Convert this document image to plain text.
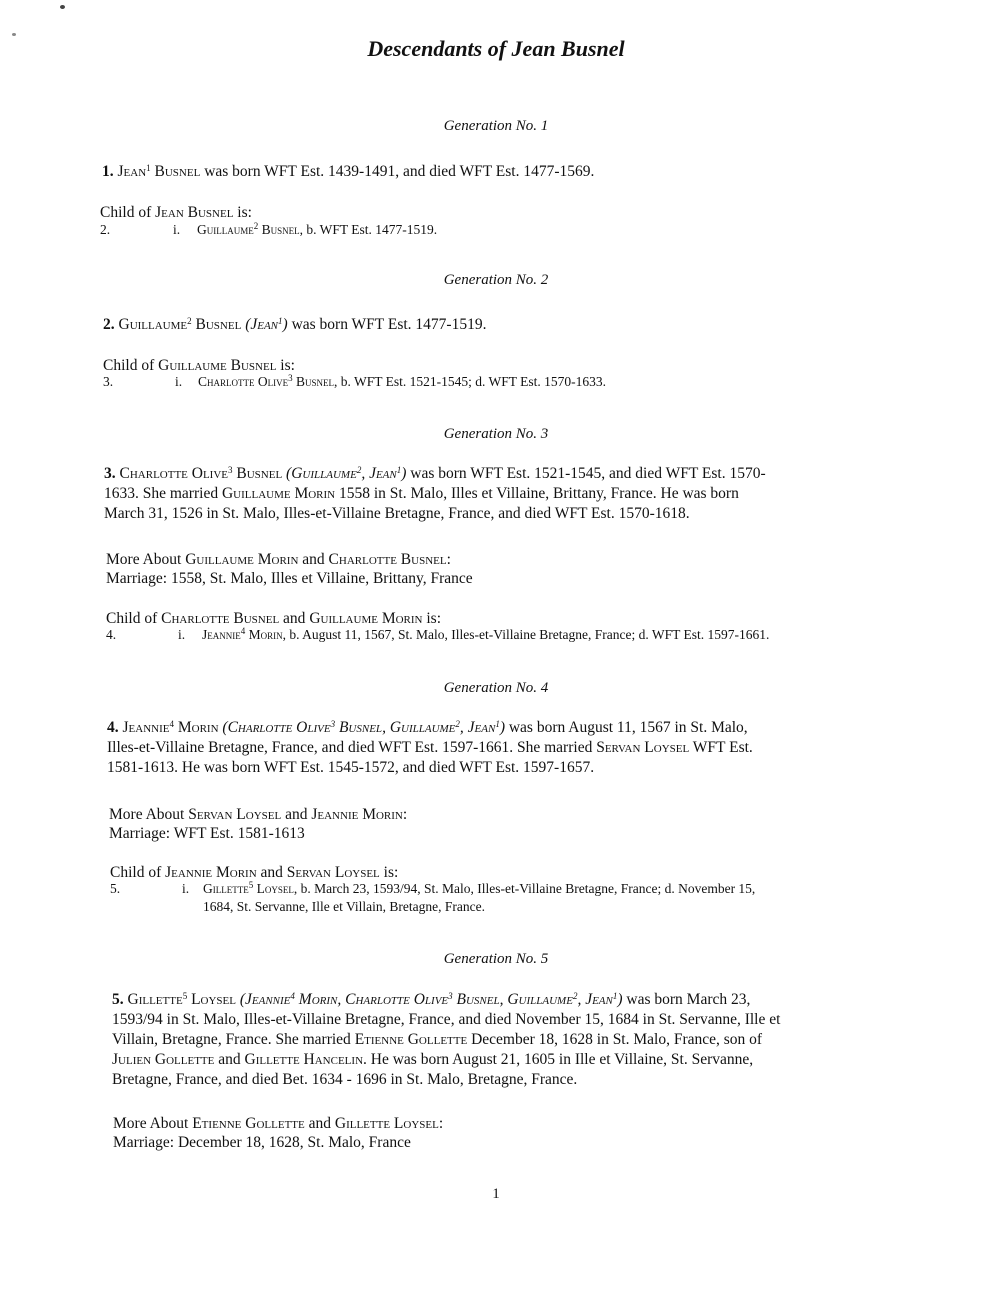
Descendants of Jean Busnel
Generation No. 1
1. Jean$^1$ Busnel was born WFT Est. 1439-1491, and died WFT Est. 1477-1569.
Child of Jean Busnel is:
2.	i. Guillaume$^2$ Busnel, b. WFT Est. 1477-1519.
Generation No. 2
2. Guillaume$^2$ Busnel (Jean$^1$) was born WFT Est. 1477-1519.
Child of Guillaume Busnel is:
3.	i. Charlotte Olive$^3$ Busnel, b. WFT Est. 1521-1545; d. WFT Est. 1570-1633.
Generation No. 3
3. Charlotte Olive$^3$ Busnel (Guillaume$^2$, Jean$^1$) was born WFT Est. 1521-1545, and died WFT Est. 1570-
1633. She married Guillaume Morin 1558 in St. Malo, Illes et Villaine, Brittany, France. He was born
March 31, 1526 in St. Malo, Illes-et-Villaine Bretagne, France, and died WFT Est. 1570-1618.
More About Guillaume Morin and Charlotte Busnel:
Marriage: 1558, St. Malo, Illes et Villaine, Brittany, France
Child of Charlotte Busnel and Guillaume Morin is:
4.	i. Jeannie$^4$ Morin, b. August 11, 1567, St. Malo, Illes-et-Villaine Bretagne, France; d. WFT Est. 1597-1661.
Generation No. 4
4. Jeannie$^4$ Morin (Charlotte Olive$^3$ Busnel, Guillaume$^2$, Jean$^1$) was born August 11, 1567 in St. Malo,
Illes-et-Villaine Bretagne, France, and died WFT Est. 1597-1661. She married Servan Loysel WFT Est.
1581-1613. He was born WFT Est. 1545-1572, and died WFT Est. 1597-1657.
More About Servan Loysel and Jeannie Morin:
Marriage: WFT Est. 1581-1613
Child of Jeannie Morin and Servan Loysel is:
5.	i. Gillette$^5$ Loysel, b. March 23, 1593/94, St. Malo, Illes-et-Villaine Bretagne, France; d. November 15,
1684, St. Servanne, Ille et Villain, Bretagne, France.
Generation No. 5
5. Gillette$^5$ Loysel (Jeannie$^4$ Morin, Charlotte Olive$^3$ Busnel, Guillaume$^2$, Jean$^1$) was born March 23,
1593/94 in St. Malo, Illes-et-Villaine Bretagne, France, and died November 15, 1684 in St. Servanne, Ille et
Villain, Bretagne, France. She married Etienne Gollette December 18, 1628 in St. Malo, France, son of
Julien Gollette and Gillette Hancelin. He was born August 21, 1605 in Ille et Villaine, St. Servanne,
Bretagne, France, and died Bet. 1634 - 1696 in St. Malo, Bretagne, France.
More About Etienne Gollette and Gillette Loysel:
Marriage: December 18, 1628, St. Malo, France
1
